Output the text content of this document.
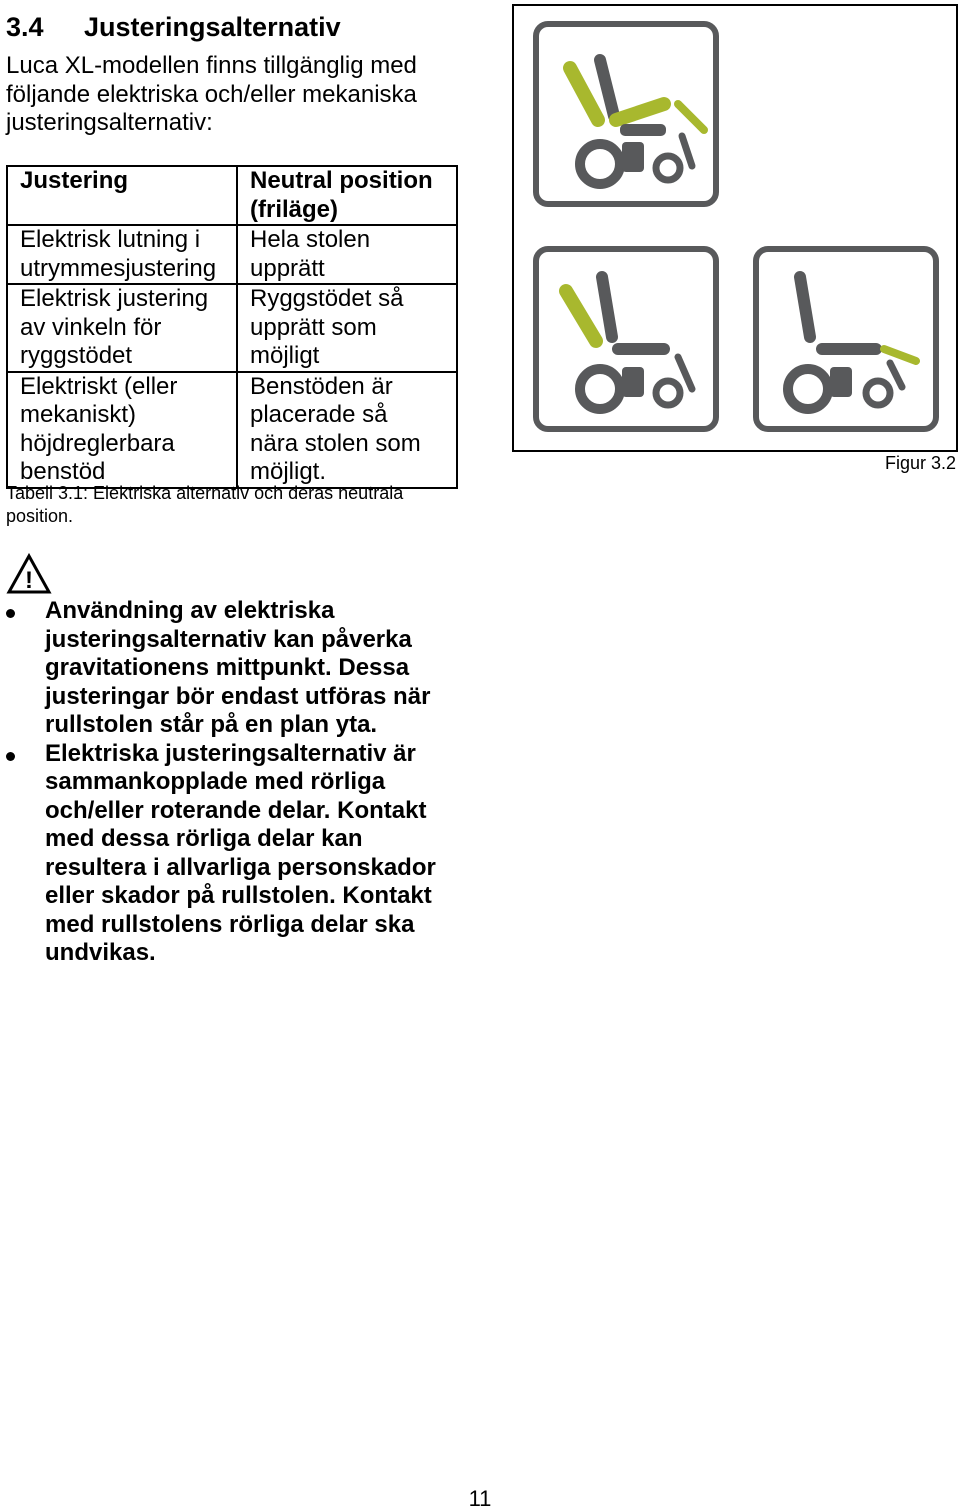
3.4 Justeringsalternativ
Luca XL-modellen finns tillgänglig med
följande elektriska och/eller mekaniska
justeringsalternativ:
Justering	Neutral position
(friläge)

Elektrisk lutning i
utrymmesjustering	Hela stolen
upprätt

Elektrisk justering
av vinkeln för
ryggstödet	Ryggstödet så
upprätt som
möjligt

Elektriskt (eller
mekaniskt)
höjdreglerbara
benstöd	Benstöden är
placerade så
nära stolen som
möjligt.
Tabell 3.1: Elektriska alternativ och deras neutrala
position.
Figur 3.2
!
Användning av elektriska
justeringsalternativ kan påverka
gravitationens mittpunkt. Dessa
justeringar bör endast utföras när
rullstolen står på en plan yta.
Elektriska justeringsalternativ är
sammankopplade med rörliga
och/eller roterande delar. Kontakt
med dessa rörliga delar kan
resultera i allvarliga personskador
eller skador på rullstolen. Kontakt
med rullstolens rörliga delar ska
undvikas.
11
